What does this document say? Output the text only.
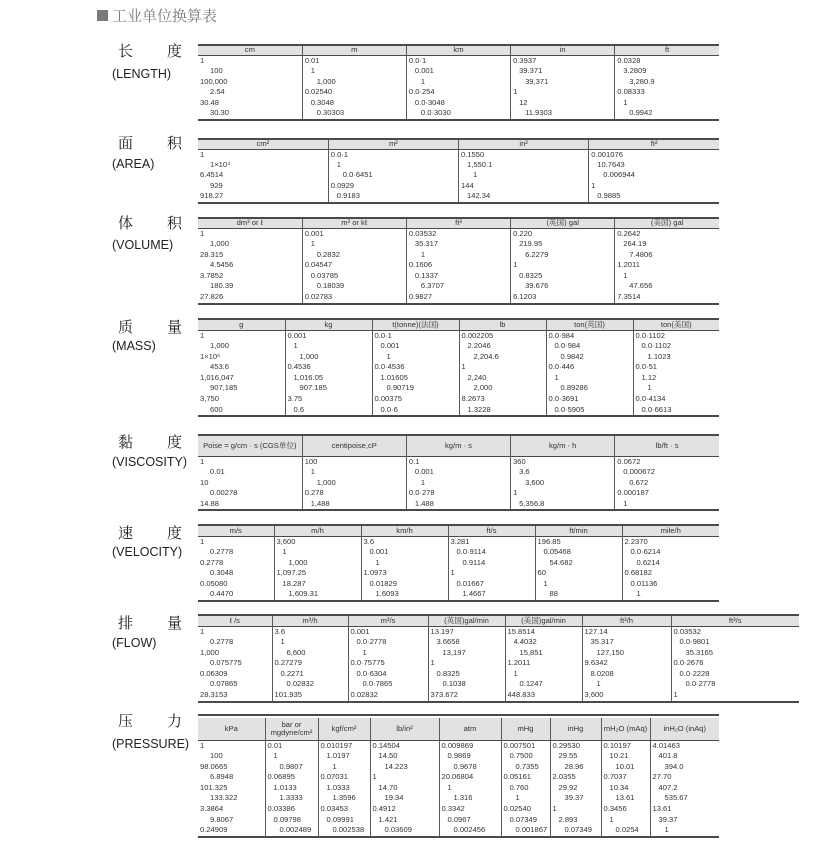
工业单位换算表
长 度
(LENGTH)
cm	m	km	in	ft
1	0.01	0.0·1	0.3937	0.0328
100	1	0.001	39.371	3.2809
100,000	1,000	1	39,371	3,280.9
2.54	0.02540	0.0·254	1	0.08333
30.48	0.3048	0.0·3048	12	1
30.30	0.30303	0.0·3030	11.9303	0.9942
面 积
(AREA)
cm²	m²	in²	ft²
1	0.0·1	0.1550	0.001076
1×10⁴	1	1,550.1	10.7643
6.4514	0.0·6451	1	0.006944
929	0.0929	144	1
918.27	0.9183	142.34	0.9885
体 积
(VOLUME)
dm³ or ℓ	m³ or kℓ	ft³	(英国) gal	(美国) gal
1	0.001	0.03532	0.220	0.2642
1,000	1	35.317	219.95	264.19
28.315	0.2832	1	6.2279	7.4806
4.5456	0.04547	0.1606	1	1.2011
3.7852	0.03785	0.1337	0.8325	1
180.39	0.18039	6.3707	39.676	47.656
27.826	0.02783	0.9827	6.1203	7.3514
质 量
(MASS)
g	kg	t(tonne)(法国)	lb	ton(英国)	ton(美国)
1	0.001	0.0·1	0.002205	0.0·984	0.0·1102
1,000	1	0.001	2.2046	0.0·984	0.0·1102
1×10⁶	1,000	1	2,204.6	0.9842	1.1023
453.6	0.4536	0.0·4536	1	0.0·446	0.0·51
1,016,047	1,016.05	1.01605	2,240	1	1.12
907,185	907.185	0.90719	2,000	0.89286	1
3,750	3.75	0.00375	8.2673	0.0·3691	0.0·4134
600	0.6	0.0·6	1.3228	0.0·5905	0.0·6613
黏 度
(VISCOSITY)
Poise = g/cm · s (CGS单位)	centipoise,cP	kg/m · s	kg/m · h	lb/ft · s
1	100	0.1	360	0.0672
0.01	1	0.001	3.6	0.000672
10	1,000	1	3,600	0.672
0.00278	0.278	0.0·278	1	0.000187
14.88	1,488	1.488	5,356.8	1
速 度
(VELOCITY)
m/s	m/h	km/h	ft/s	ft/min	mile/h
1	3,600	3.6	3.281	196.85	2.2370
0.2778	1	0.001	0.0·9114	0.05468	0.0·6214
0.2778	1,000	1	0.9114	54.682	0.6214
0.3048	1,097.25	1.0973	1	60	0.68182
0.05080	18.287	0.01829	0.01667	1	0.01136
0.4470	1,609.31	1.6093	1.4667	88	1
排 量
(FLOW)
ℓ /s	m³/h	m³/s	(英国)gal/min	(美国)gal/min	ft³/h	ft³/s
1	3.6	0.001	13.197	15.8514	127.14	0.03532
0.2778	1	0.0·2778	3.6658	4.4032	35.317	0.0·9801
1,000	6,600	1	13,197	15,851	127,150	35.3165
0.075775	0.27279	0.0·75775	1	1.2011	9.6342	0.0·2676
0.06309	0.2271	0.0·6304	0.8325	1	8.0208	0.0·2228
0.07865	0.02832	0.0·7865	0.1038	0.1247	1	0.0·2778
28.3153	101.935	0.02832	373.672	448.833	3,600	1
压 力
(PRESSURE)
kPa	bar or mgdyne/cm²	kgf/cm²	lb/in²	atm	mHg	inHg	mH₂O (mAq)	inH₂O (inAq)
1	0.01	0.010197	0.14504	0.009869	0.007501	0.29530	0.10197	4.01463
100	1	1.0197	14.50	0.9869	0.7500	29.55	10.21	401.8
98.0665	0.9807	1	14.223	0.9678	0.7355	28.96	10.01	394.0
6.8948	0.06895	0.07031	1	20.06804	0.05161	2.0355	0.7037	27.70
101.325	1.0133	1.0333	14.70	1	0.760	29.92	10.34	407.2
133.322	1.3333	1.3596	19.34	1.316	1	39.37	13.61	535.67
3.3864	0.03386	0.03453	0.4912	0.3342	0.02540	1	0.3456	13.61
9.8067	0.09798	0.09991	1.421	0.0967	0.07349	2.893	1	39.37
0.24909	0.002489	0.002538	0.03609	0.002456	0.001867	0.07349	0.0254	1
